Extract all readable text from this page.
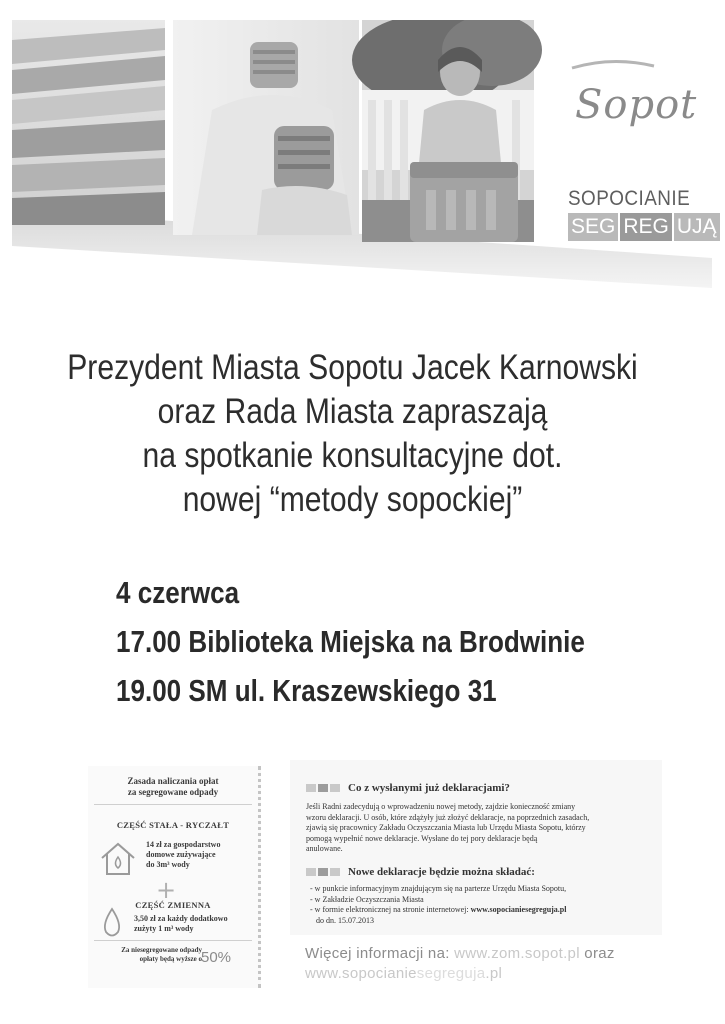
Sopot
SOPOCIANIE
SEG REG UJĄ
Prezydent Miasta Sopotu Jacek Karnowski
oraz Rada Miasta zapraszają
na spotkanie konsultacyjne dot.
nowej “metody sopockiej”
4 czerwca
17.00 Biblioteka Miejska na Brodwinie
19.00 SM ul. Kraszewskiego 31
Zasada naliczania opłat
za segregowane odpady
CZĘŚĆ STAŁA - RYCZAŁT
14 zł za gospodarstwo
domowe zużywające
do 3m³ wody
+
CZĘŚĆ ZMIENNA
3,50 zł za każdy dodatkowo
zużyty 1 m³ wody
Za niesegregowane odpady
opłaty będą wyższe o 50%
Co z wysłanymi już deklaracjami?
Jeśli Radni zadecydują o wprowadzeniu nowej metody, zajdzie konieczność zmiany
wzoru deklaracji. U osób, które zdążyły już złożyć deklaracje, na poprzednich zasadach,
zjawią się pracownicy Zakładu Oczyszczania Miasta lub Urzędu Miasta Sopotu, którzy
pomogą wypełnić nowe deklaracje. Wysłane do tej pory deklaracje będą
anulowane.
Nowe deklaracje będzie można składać:
- w punkcie informacyjnym znajdującym się na parterze Urzędu Miasta Sopotu,
- w Zakładzie Oczyszczania Miasta
- w formie elektronicznej na stronie internetowej: www.sopocianiesegreguja.pl
do dn. 15.07.2013
Więcej informacji na: www.zom.sopot.pl oraz
www.sopocianiesegreguja.pl
